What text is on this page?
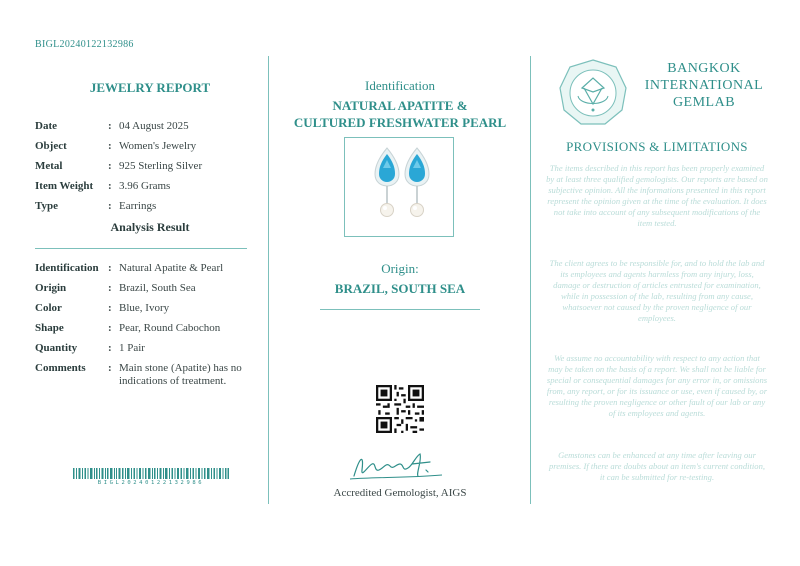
BIGL20240122132986
JEWELRY REPORT
Date	: 04 August 2025
Object	: Women's Jewelry
Metal	: 925 Sterling Silver
Item Weight : 3.96 Grams
Type	: Earrings
Analysis Result
Identification : Natural Apatite & Pearl
Origin	: Brazil, South Sea
Color	: Blue, Ivory
Shape	: Pear, Round Cabochon
Quantity	: 1 Pair
Comments : Main stone (Apatite) has no indications of treatment.
BIGL20240122132986
Identification
NATURAL APATITE &
CULTURED FRESHWATER PEARL
Origin:
BRAZIL, SOUTH SEA
Accredited Gemologist, AIGS
BANGKOK
INTERNATIONAL
GEMLAB
PROVISIONS & LIMITATIONS
The items described in this report has been properly examined by at least three qualified gemologists. Our reports are based on subjective opinion. All the informations presented in this report represent the opinion given at the time of the evaluation. It does not take into account of any subsequent modifications of the item tested.
The client agrees to be responsible for, and to hold the lab and its employees and agents harmless from any injury, loss, damage or destruction of articles entrusted for examination, while in possession of the lab, resulting from any cause, whatsoever not caused by the proven negligence of our employees.
We assume no accountability with respect to any action that may be taken on the basis of a report. We shall not be liable for special or consequential damages for any error in, or omissions from, any report, or for its issuance or use, even if caused by, or resulting the proven negligence or other fault of our lab or any of its employees and agents.
Gemstones can be enhanced at any time after leaving our premises. If there are doubts about an item's current condition, it can be submitted for re-testing.
